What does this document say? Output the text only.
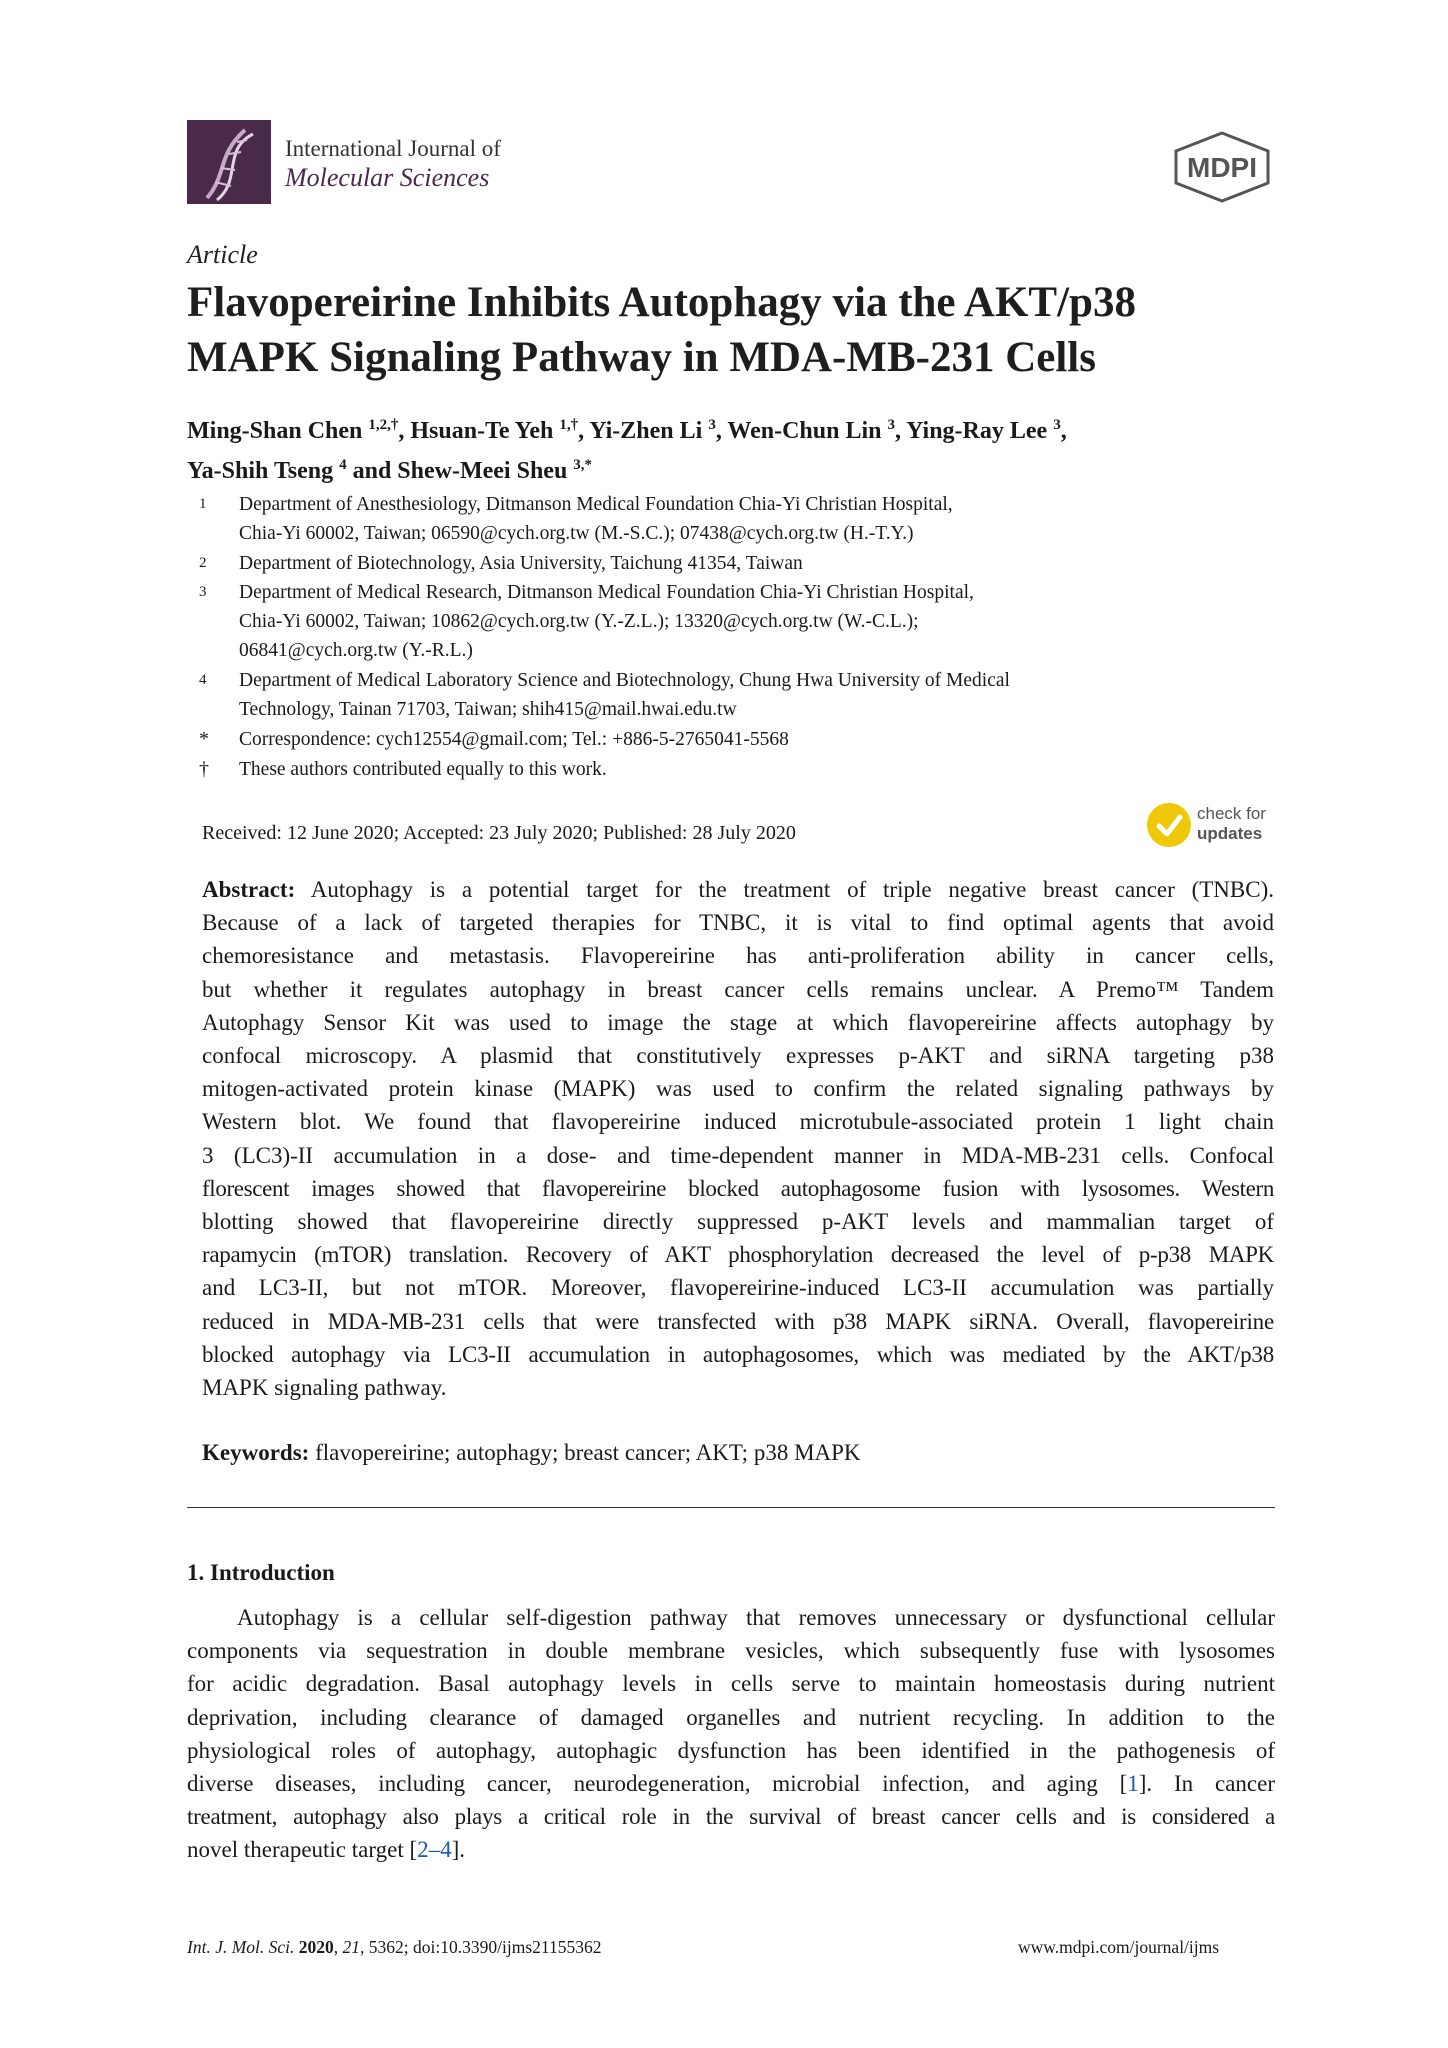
International Journal of
Molecular Sciences	MDPI
Article
Flavopereirine Inhibits Autophagy via the AKT/p38
MAPK Signaling Pathway in MDA-MB-231 Cells
Ming-Shan Chen $^{1,2,\dagger}$, Hsuan-Te Yeh $^{1,\dagger}$, Yi-Zhen Li $^3$, Wen-Chun Lin $^3$, Ying-Ray Lee $^3$,
Ya-Shih Tseng $^4$ and Shew-Meei Sheu $^{3,*}$
1 Department of Anesthesiology, Ditmanson Medical Foundation Chia-Yi Christian Hospital,
Chia-Yi 60002, Taiwan; 06590@cych.org.tw (M.-S.C.); 07438@cych.org.tw (H.-T.Y.)
2 Department of Biotechnology, Asia University, Taichung 41354, Taiwan
3 Department of Medical Research, Ditmanson Medical Foundation Chia-Yi Christian Hospital,
Chia-Yi 60002, Taiwan; 10862@cych.org.tw (Y.-Z.L.); 13320@cych.org.tw (W.-C.L.);
06841@cych.org.tw (Y.-R.L.)
4 Department of Medical Laboratory Science and Biotechnology, Chung Hwa University of Medical
Technology, Tainan 71703, Taiwan; shih415@mail.hwai.edu.tw
* Correspondence: cych12554@gmail.com; Tel.: +886-5-2765041-5568
† These authors contributed equally to this work.
Received: 12 June 2020; Accepted: 23 July 2020; Published: 28 July 2020
check for
updates
Abstract: Autophagy is a potential target for the treatment of triple negative breast cancer (TNBC).
Because of a lack of targeted therapies for TNBC, it is vital to find optimal agents that avoid
chemoresistance and metastasis. Flavopereirine has anti-proliferation ability in cancer cells,
but whether it regulates autophagy in breast cancer cells remains unclear. A Premo™ Tandem
Autophagy Sensor Kit was used to image the stage at which flavopereirine affects autophagy by
confocal microscopy. A plasmid that constitutively expresses p-AKT and siRNA targeting p38
mitogen-activated protein kinase (MAPK) was used to confirm the related signaling pathways by
Western blot. We found that flavopereirine induced microtubule-associated protein 1 light chain
3 (LC3)-II accumulation in a dose- and time-dependent manner in MDA-MB-231 cells. Confocal
florescent images showed that flavopereirine blocked autophagosome fusion with lysosomes. Western
blotting showed that flavopereirine directly suppressed p-AKT levels and mammalian target of
rapamycin (mTOR) translation. Recovery of AKT phosphorylation decreased the level of p-p38 MAPK
and LC3-II, but not mTOR. Moreover, flavopereirine-induced LC3-II accumulation was partially
reduced in MDA-MB-231 cells that were transfected with p38 MAPK siRNA. Overall, flavopereirine
blocked autophagy via LC3-II accumulation in autophagosomes, which was mediated by the AKT/p38
MAPK signaling pathway.
Keywords: flavopereirine; autophagy; breast cancer; AKT; p38 MAPK
1. Introduction
Autophagy is a cellular self-digestion pathway that removes unnecessary or dysfunctional cellular
components via sequestration in double membrane vesicles, which subsequently fuse with lysosomes
for acidic degradation. Basal autophagy levels in cells serve to maintain homeostasis during nutrient
deprivation, including clearance of damaged organelles and nutrient recycling. In addition to the
physiological roles of autophagy, autophagic dysfunction has been identified in the pathogenesis of
diverse diseases, including cancer, neurodegeneration, microbial infection, and aging [1]. In cancer
treatment, autophagy also plays a critical role in the survival of breast cancer cells and is considered a
novel therapeutic target [2–4].
Int. J. Mol. Sci. 2020, 21, 5362; doi:10.3390/ijms21155362	www.mdpi.com/journal/ijms
